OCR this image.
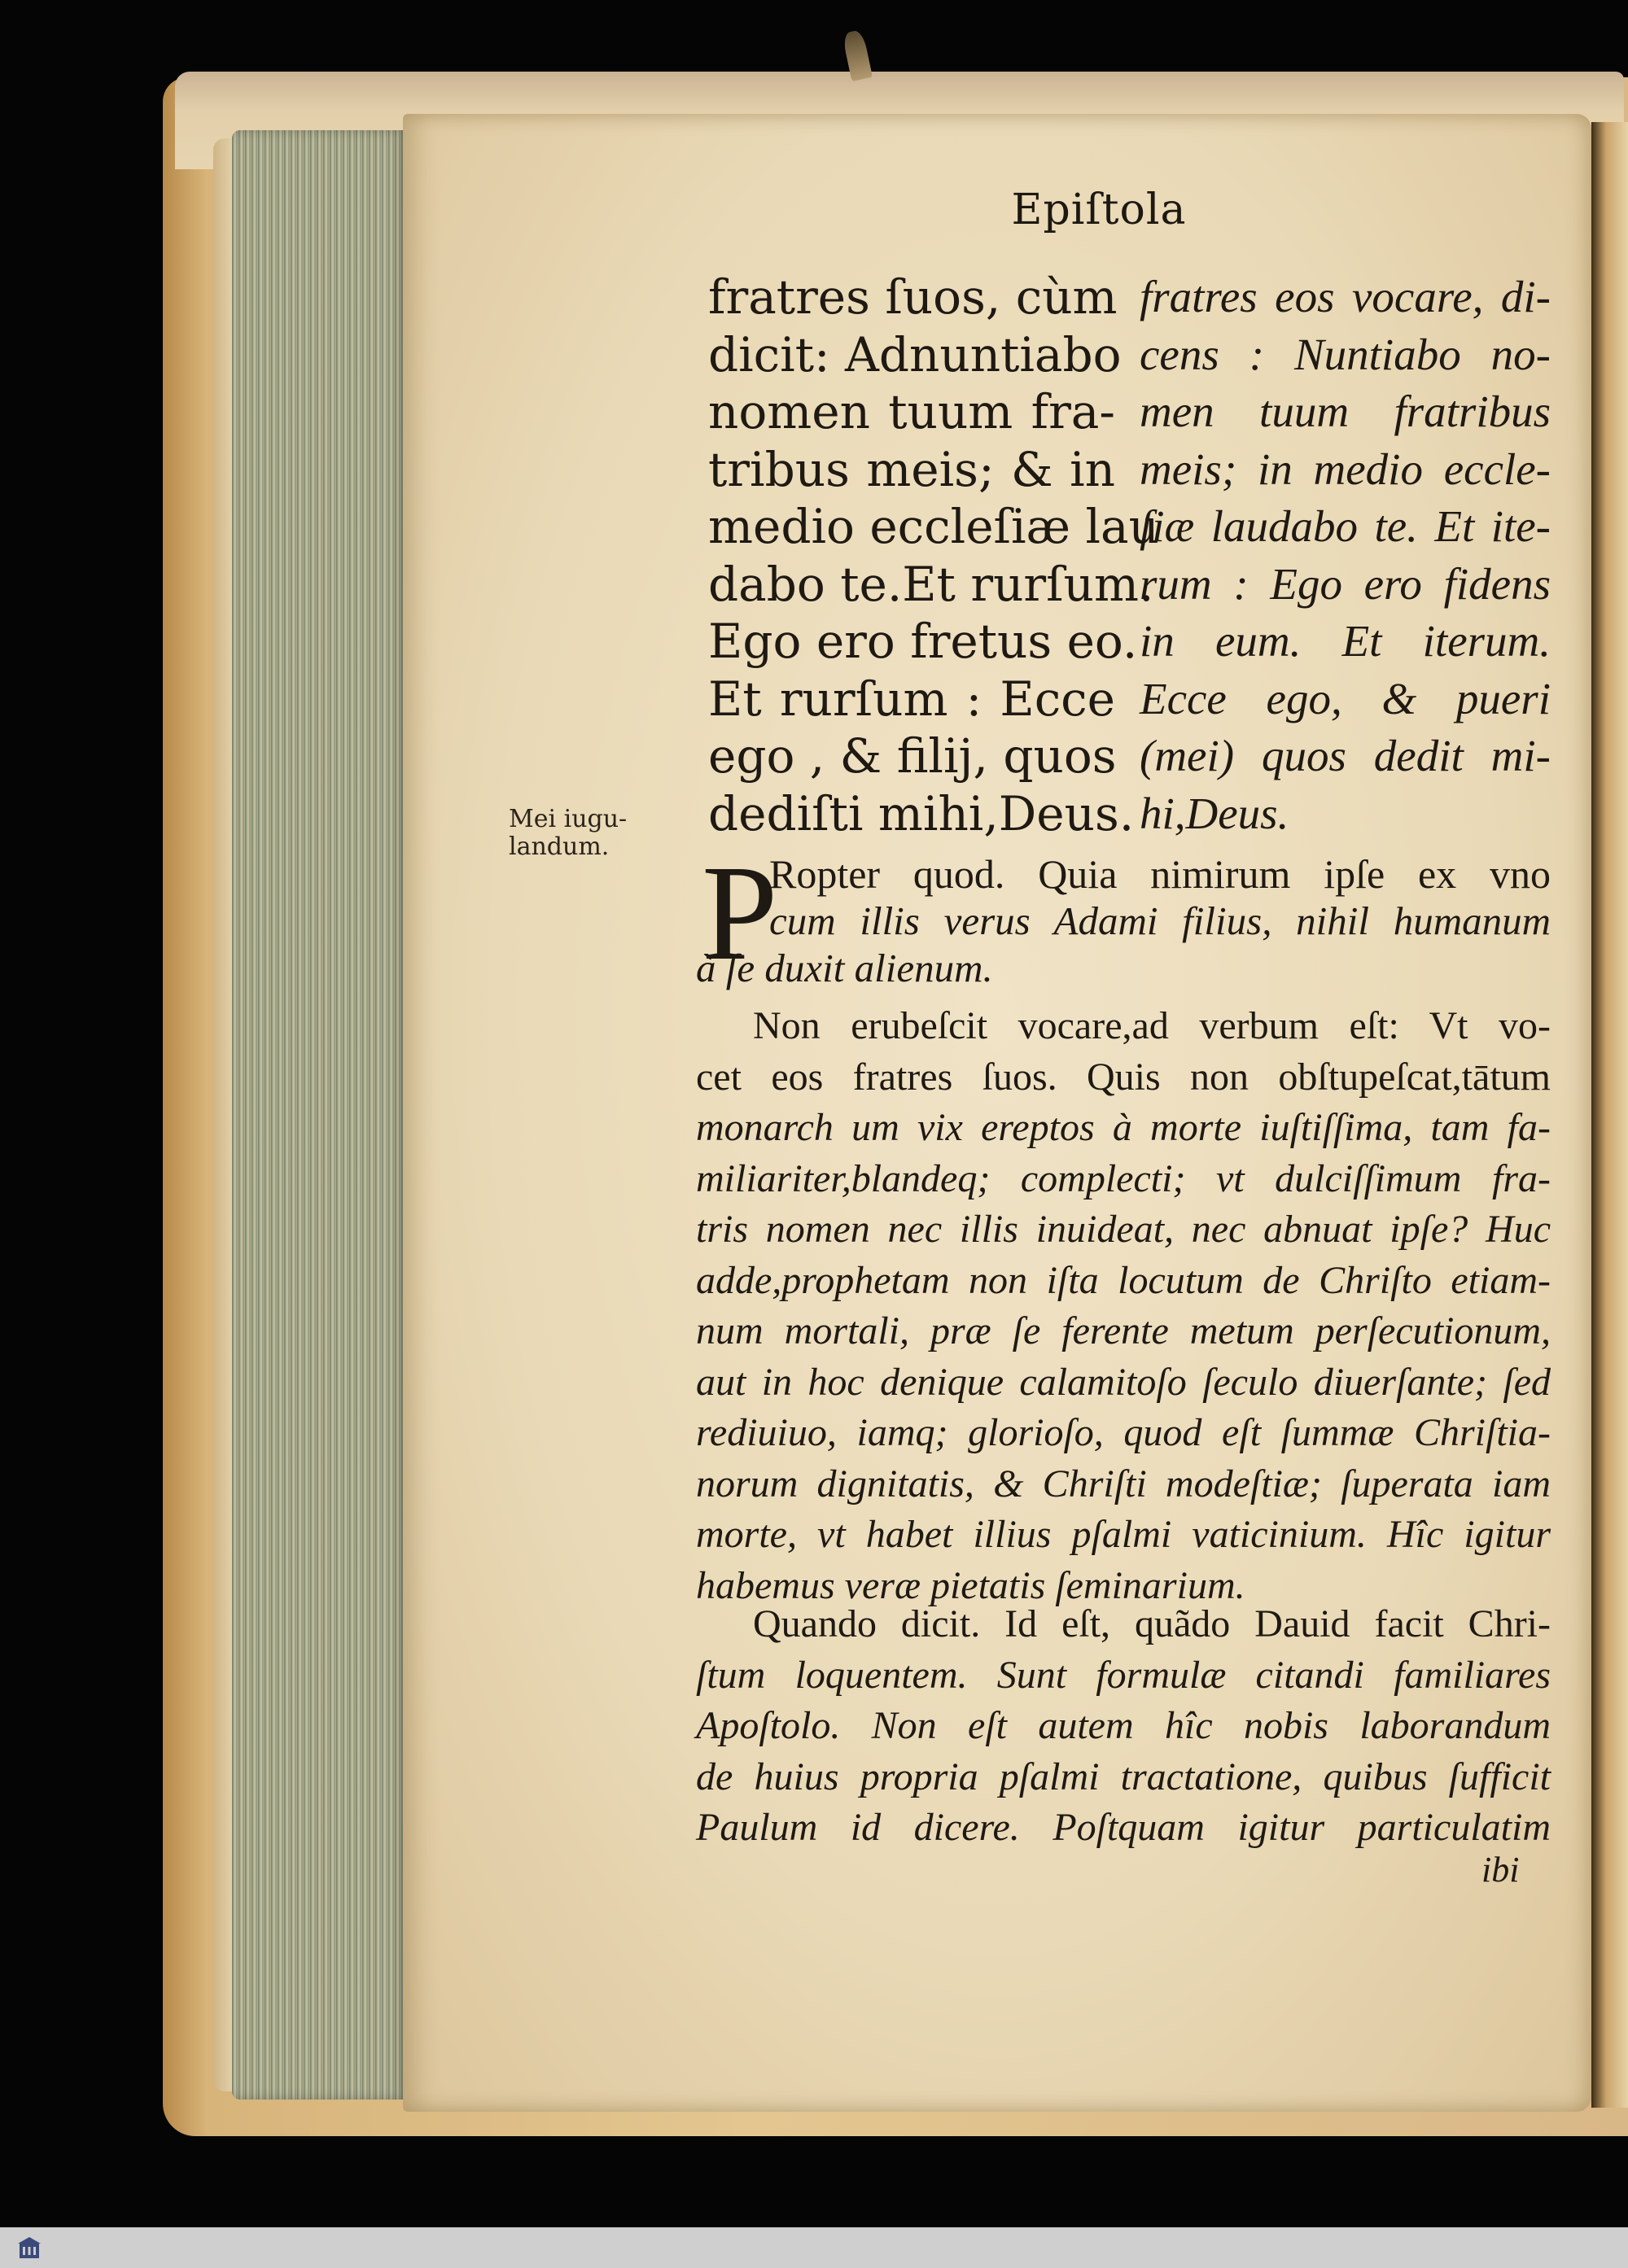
Epiſtola
fratres ſuos, cùm
dicit: Adnuntiabo
nomen tuum fra-
tribus meis; & in
medio eccleſiæ lau
dabo te.Et rurſum.
Ego ero fretus eo.
Et rurſum : Ecce
ego , & filij, quos
dediſti mihi,Deus.
fratres eos vocare, di-
cens : Nuntiabo no-
men tuum fratribus
meis; in medio eccle-
ſiæ laudabo te. Et ite-
rum : Ego ero fidens
in eum. Et iterum.
Ecce ego, & pueri
(mei) quos dedit mi-
hi,Deus.
Mei iugu-
landum. P
Ropter quod. Quia nimirum ipſe ex vno
cum illis verus Adami filius, nihil humanum
à ſe duxit alienum.
Non erubeſcit vocare,ad verbum eſt: Vt vo-
cet eos fratres ſuos. Quis non obſtupeſcat,tātum
monarch um vix ereptos à morte iuſtiſſima, tam fa-
miliariter,blandeq; complecti; vt dulciſſimum fra-
tris nomen nec illis inuideat, nec abnuat ipſe? Huc
adde,prophetam non iſta locutum de Chriſto etiam-
num mortali, præ ſe ferente metum perſecutionum,
aut in hoc denique calamitoſo ſeculo diuerſante; ſed
rediuiuo, iamq; glorioſo, quod eſt ſummæ Chriſtia-
norum dignitatis, & Chriſti modeſtiæ; ſuperata iam
morte, vt habet illius pſalmi vaticinium. Hîc igitur
habemus veræ pietatis ſeminarium.
Quando dicit. Id eſt, quãdo Dauid facit Chri-
ſtum loquentem. Sunt formulæ citandi familiares
Apoſtolo. Non eſt autem hîc nobis laborandum
de huius propria pſalmi tractatione, quibus ſufficit
Paulum id dicere. Poſtquam igitur particulatim
ibi
